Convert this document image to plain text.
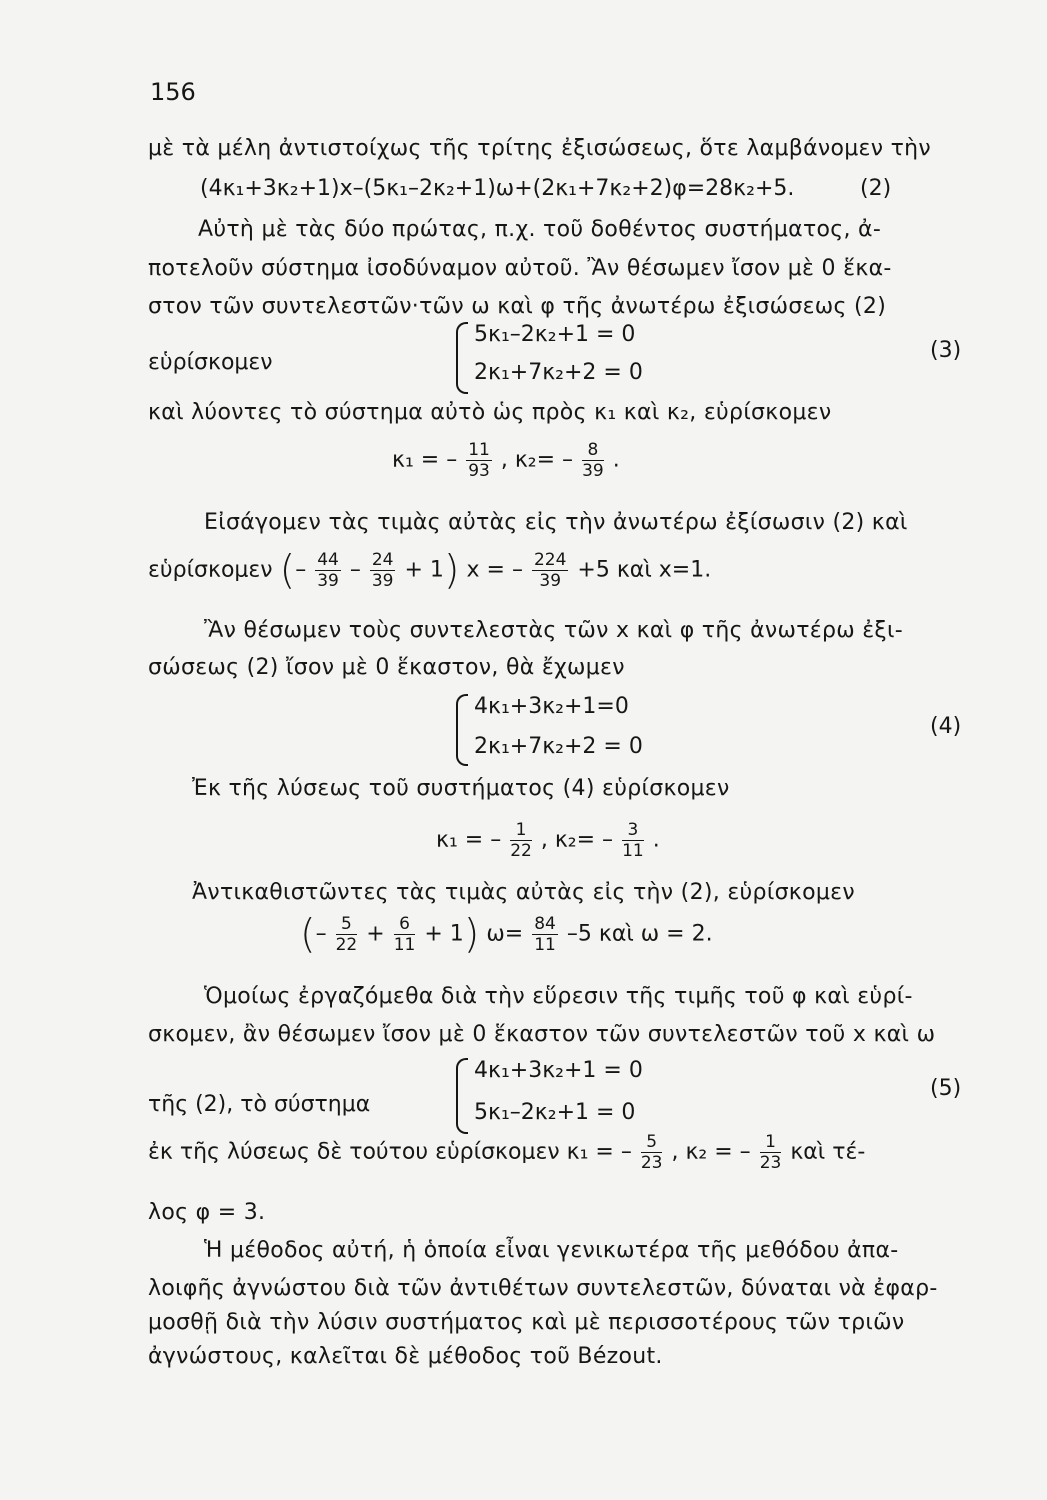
156
μὲ τὰ μέλη ἀντιστοίχως τῆς τρίτης ἐξισώσεως, ὅτε λαμβάνομεν τὴν
(4κ₁+3κ₂+1)x–(5κ₁–2κ₂+1)ω+(2κ₁+7κ₂+2)φ=28κ₂+5.	(2)
Αὐτὴ μὲ τὰς δύο πρώτας, π.χ. τοῦ δοθέντος συστήματος, ἀ-
ποτελοῦν σύστημα ἰσοδύναμον αὐτοῦ. Ἂν θέσωμεν ἴσον μὲ 0 ἕκα-
στον τῶν συντελεστῶν·τῶν ω καὶ φ τῆς ἀνωτέρω ἐξισώσεως (2)
εὑρίσκομεν
5κ₁–2κ₂+1 = 0
2κ₁+7κ₂+2 = 0
(3)
καὶ λύοντες τὸ σύστημα αὐτὸ ὡς πρὸς κ₁ καὶ κ₂, εὑρίσκομεν
κ₁ = – $\frac{11}{93}$ , $\kappa_2= - \frac{8}{39}$ .
Εἰσάγομεν τὰς τιμὰς αὐτὰς εἰς τὴν ἀνωτέρω ἐξίσωσιν (2) καὶ
εὑρίσκομεν (– $\frac{44}{39} - \frac{24}{39} + 1$) x = – $\frac{224}{39} +5$ καὶ x=1.
Ἂν θέσωμεν τοὺς συντελεστὰς τῶν x καὶ φ τῆς ἀνωτέρω ἐξι-
σώσεως (2) ἴσον μὲ 0 ἕκαστον, θὰ ἔχωμεν
4κ₁+3κ₂+1=0
2κ₁+7κ₂+2 = 0
(4)
Ἐκ τῆς λύσεως τοῦ συστήματος (4) εὑρίσκομεν
κ₁ = – $\frac{1}{22}$ , $\kappa_2= - \frac{3}{11}$ .
Ἀντικαθιστῶντες τὰς τιμὰς αὐτὰς εἰς τὴν (2), εὑρίσκομεν
(– $\frac{5}{22} + \frac{6}{11} + 1$) $\omega= \frac{84}{11} -5$ καὶ ω = 2.
Ὁμοίως ἐργαζόμεθα διὰ τὴν εὕρεσιν τῆς τιμῆς τοῦ φ καὶ εὑρί-
σκομεν, ἂν θέσωμεν ἴσον μὲ 0 ἕκαστον τῶν συντελεστῶν τοῦ x καὶ ω
τῆς (2), τὸ σύστημα
4κ₁+3κ₂+1 = 0
5κ₁–2κ₂+1 = 0
(5)
ἐκ τῆς λύσεως δὲ τούτου εὑρίσκομεν κ₁ = – $\frac{5}{23}$ , κ₂ = – $\frac{1}{23}$ καὶ τέ-
λος φ = 3.
Ἡ μέθοδος αὐτή, ἡ ὁποία εἶναι γενικωτέρα τῆς μεθόδου ἀπα-
λοιφῆς ἀγνώστου διὰ τῶν ἀντιθέτων συντελεστῶν, δύναται νὰ ἐφαρ-
μοσθῇ διὰ τὴν λύσιν συστήματος καὶ μὲ περισσοτέρους τῶν τριῶν
ἀγνώστους, καλεῖται δὲ μέθοδος τοῦ Bézout.
